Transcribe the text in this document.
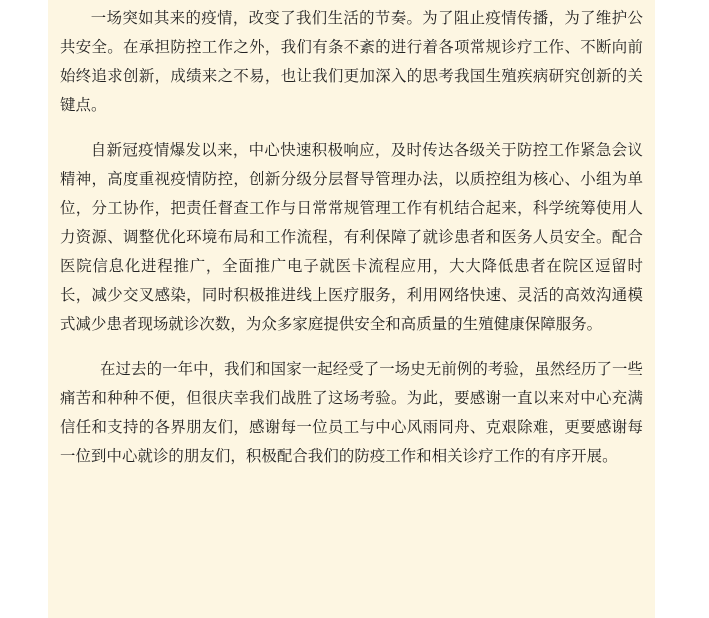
一场突如其来的疫情，改变了我们生活的节奏。为了阻止疫情传播，为了维护公共安全。在承担防控工作之外，我们有条不紊的进行着各项常规诊疗工作、不断向前始终追求创新，成绩来之不易，也让我们更加深入的思考我国生殖疾病研究创新的关键点。

自新冠疫情爆发以来，中心快速积极响应，及时传达各级关于防控工作紧急会议精神，高度重视疫情防控，创新分级分层督导管理办法，以质控组为核心、小组为单位，分工协作，把责任督查工作与日常常规管理工作有机结合起来，科学统筹使用人力资源、调整优化环境布局和工作流程，有利保障了就诊患者和医务人员安全。配合医院信息化进程推广，全面推广电子就医卡流程应用，大大降低患者在院区逗留时长，减少交叉感染，同时积极推进线上医疗服务，利用网络快速、灵活的高效沟通模式减少患者现场就诊次数，为众多家庭提供安全和高质量的生殖健康保障服务。

在过去的一年中，我们和国家一起经受了一场史无前例的考验，虽然经历了一些痛苦和种种不便，但很庆幸我们战胜了这场考验。为此，要感谢一直以来对中心充满信任和支持的各界朋友们，感谢每一位员工与中心风雨同舟、克艰除难，更要感谢每一位到中心就诊的朋友们，积极配合我们的防疫工作和相关诊疗工作的有序开展。
